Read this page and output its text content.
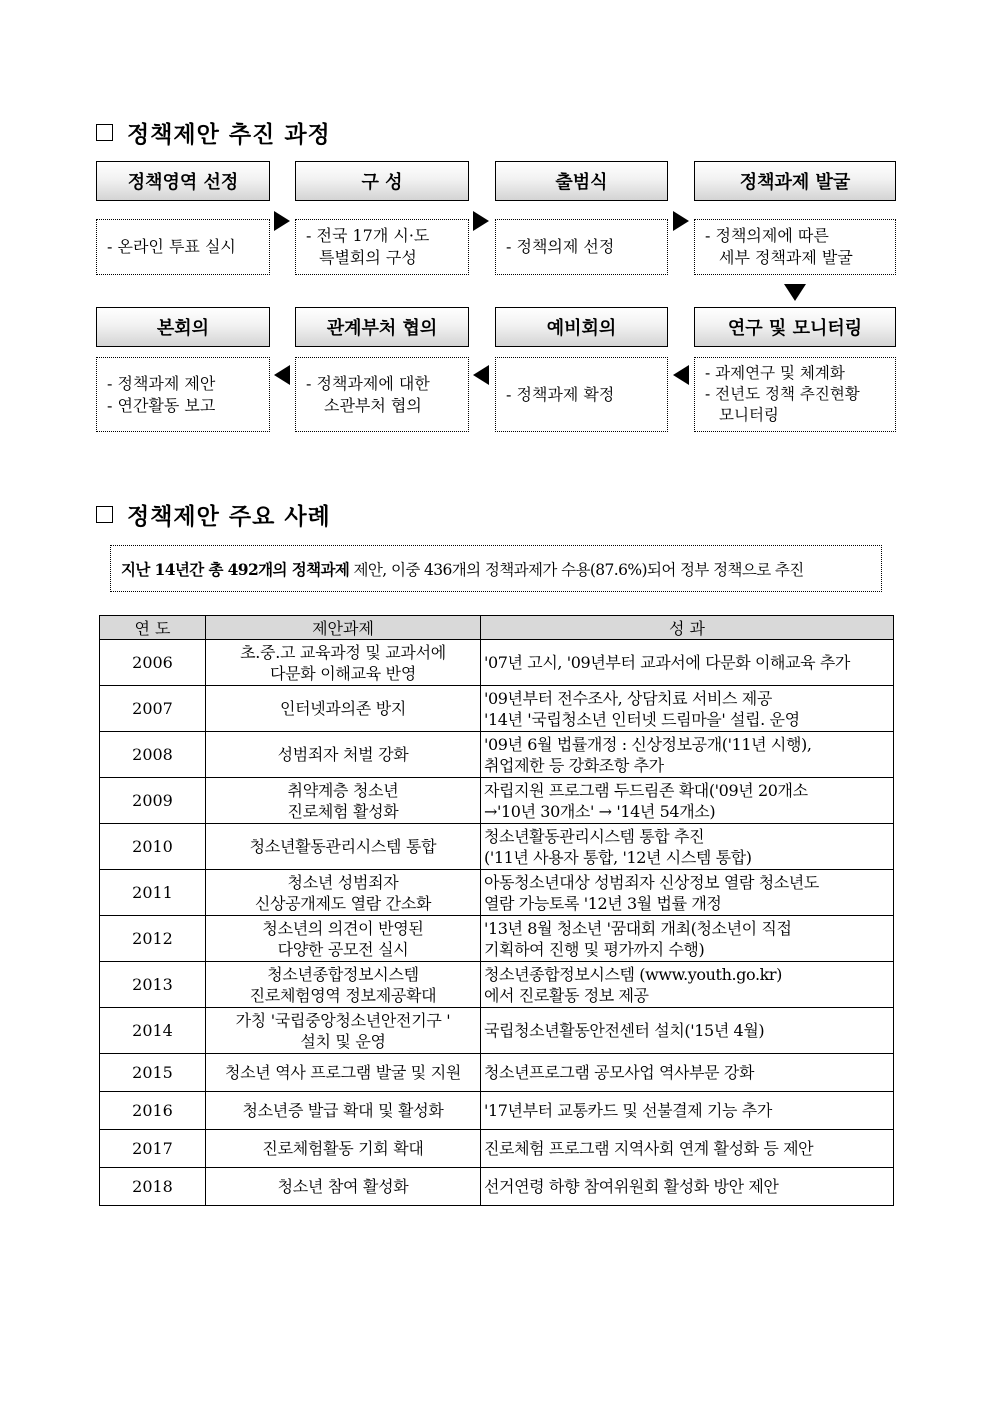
정책제안 추진 과정
정책영역 선정	구 성	출범식	정책과제 발굴
- 온라인 투표 실시
- 전국 17개 시·도
특별회의 구성
- 정책의제 선정
- 정책의제에 따른
세부 정책과제 발굴
본회의	관계부처 협의	예비회의	연구 및 모니터링
- 정책과제 제안
- 연간활동 보고
- 정책과제에 대한
소관부처 협의
- 정책과제 확정
- 과제연구 및 체계화
- 전년도 정책 추진현황
모니터링
정책제안 주요 사례
지난 14년간 총 492개의 정책과제 제안, 이중 436개의 정책과제가 수용(87.6%)되어 정부 정책으로 추진
연 도	제안과제	성 과
2006	초.중.고 교육과정 및 교과서에
다문화 이해교육 반영	'07년 고시, '09년부터 교과서에 다문화 이해교육 추가
2007	인터넷과의존 방지	'09년부터 전수조사, 상담치료 서비스 제공
'14년 '국립청소년 인터넷 드림마을' 설립. 운영
2008	성범죄자 처벌 강화	'09년 6월 법률개정 : 신상정보공개('11년 시행),
취업제한 등 강화조항 추가
2009	취약계층 청소년
진로체험 활성화	자립지원 프로그램 두드림존 확대('09년 20개소
→'10년 30개소' → '14년 54개소)
2010	청소년활동관리시스템 통합	청소년활동관리시스템 통합 추진
('11년 사용자 통합, '12년 시스템 통합)
2011	청소년 성범죄자
신상공개제도 열람 간소화	아동청소년대상 성범죄자 신상정보 열람 청소년도
열람 가능토록 '12년 3월 법률 개정
2012	청소년의 의견이 반영된
다양한 공모전 실시	'13년 8월 청소년 '꿈대회 개최(청소년이 직접
기획하여 진행 및 평가까지 수행)
2013	청소년종합정보시스템
진로체험영역 정보제공확대	청소년종합정보시스템 (www.youth.go.kr)
에서 진로활동 정보 제공
2014	가칭 '국립중앙청소년안전기구 '
설치 및 운영	국립청소년활동안전센터 설치('15년 4월)
2015	청소년 역사 프로그램 발굴 및 지원	청소년프로그램 공모사업 역사부문 강화
2016	청소년증 발급 확대 및 활성화	'17년부터 교통카드 및 선불결제 기능 추가
2017	진로체험활동 기회 확대	진로체험 프로그램 지역사회 연계 활성화 등 제안
2018	청소년 참여 활성화	선거연령 하향 참여위원회 활성화 방안 제안
